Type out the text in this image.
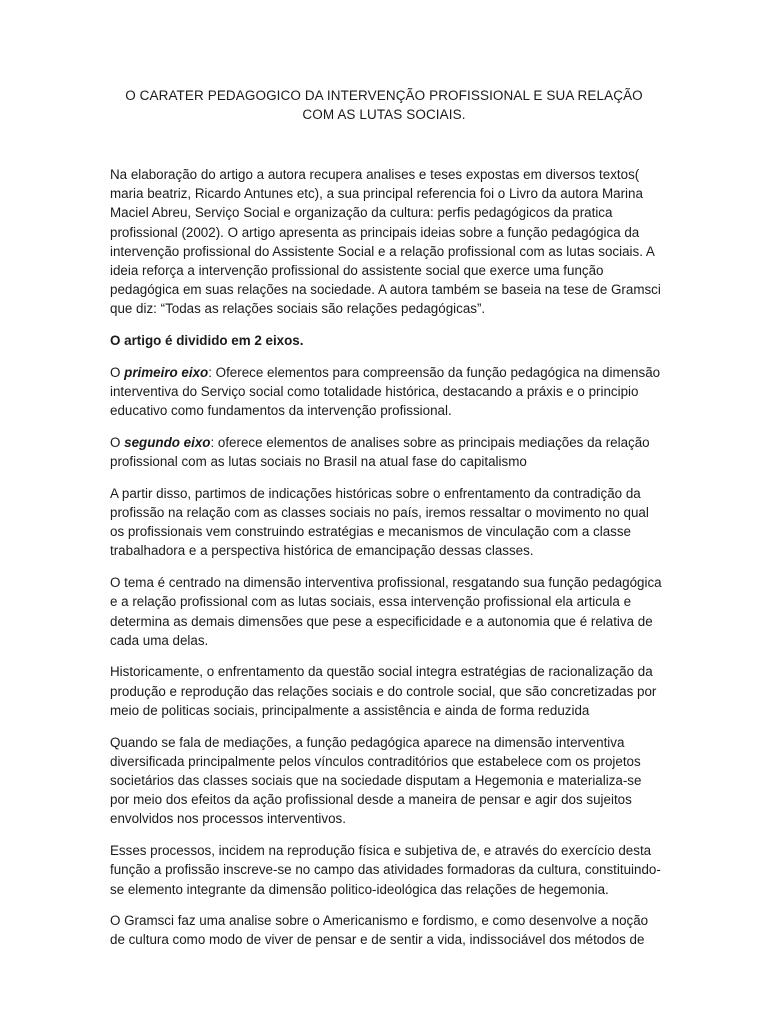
O CARATER PEDAGOGICO DA INTERVENÇÃO PROFISSIONAL E SUA RELAÇÃO COM AS LUTAS SOCIAIS.

Na elaboração do artigo a autora recupera analises e teses expostas em diversos textos( maria beatriz, Ricardo Antunes etc), a sua principal referencia foi o Livro da autora Marina Maciel Abreu, Serviço Social e organização da cultura: perfis pedagógicos da pratica profissional (2002). O artigo apresenta as principais ideias sobre a função pedagógica da intervenção profissional do Assistente Social e a relação profissional com as lutas sociais. A ideia reforça a intervenção profissional do assistente social que exerce uma função pedagógica em suas relações na sociedade. A autora também se baseia na tese de Gramsci que diz: “Todas as relações sociais são relações pedagógicas”.

O artigo é dividido em 2 eixos.

O primeiro eixo: Oferece elementos para compreensão da função pedagógica na dimensão interventiva do Serviço social como totalidade histórica, destacando a práxis e o principio educativo como fundamentos da intervenção profissional.

O segundo eixo: oferece elementos de analises sobre as principais mediações da relação profissional com as lutas sociais no Brasil na atual fase do capitalismo

A partir disso, partimos de indicações históricas sobre o enfrentamento da contradição da profissão na relação com as classes sociais no país, iremos ressaltar o movimento no qual os profissionais vem construindo estratégias e mecanismos de vinculação com a classe trabalhadora e a perspectiva histórica de emancipação dessas classes.

O tema é centrado na dimensão interventiva profissional, resgatando sua função pedagógica e a relação profissional com as lutas sociais, essa intervenção profissional ela articula e determina as demais dimensões que pese a especificidade e a autonomia que é relativa de cada uma delas.

Historicamente, o enfrentamento da questão social integra estratégias de racionalização da produção e reprodução das relações sociais e do controle social, que são concretizadas por meio de politicas sociais, principalmente a assistência e ainda de forma reduzida

Quando se fala de mediações, a função pedagógica aparece na dimensão interventiva diversificada principalmente pelos vínculos contraditórios que estabelece com os projetos societários das classes sociais que na sociedade disputam a Hegemonia e materializa-se por meio dos efeitos da ação profissional desde a maneira de pensar e agir dos sujeitos envolvidos nos processos interventivos.

Esses processos, incidem na reprodução física e subjetiva de, e através do exercício desta função a profissão inscreve-se no campo das atividades formadoras da cultura, constituindo-se elemento integrante da dimensão politico-ideológica das relações de hegemonia.

O Gramsci faz uma analise sobre o Americanismo e fordismo, e como desenvolve a noção de cultura como modo de viver de pensar e de sentir a vida, indissociável dos métodos de
